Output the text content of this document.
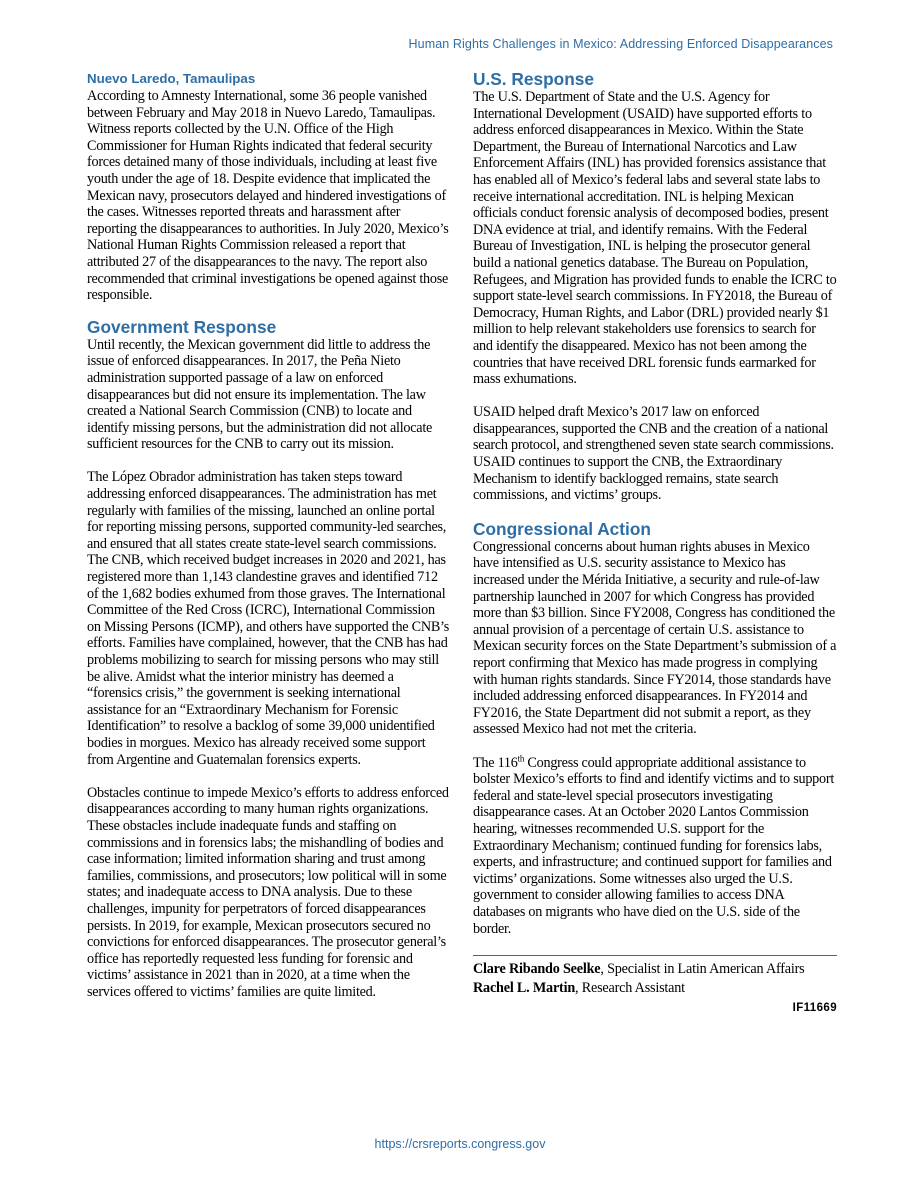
Human Rights Challenges in Mexico: Addressing Enforced Disappearances
Nuevo Laredo, Tamaulipas

According to Amnesty International, some 36 people vanished between February and May 2018 in Nuevo Laredo, Tamaulipas. Witness reports collected by the U.N. Office of the High Commissioner for Human Rights indicated that federal security forces detained many of those individuals, including at least five youth under the age of 18. Despite evidence that implicated the Mexican navy, prosecutors delayed and hindered investigations of the cases. Witnesses reported threats and harassment after reporting the disappearances to authorities. In July 2020, Mexico’s National Human Rights Commission released a report that attributed 27 of the disappearances to the navy. The report also recommended that criminal investigations be opened against those responsible.

Government Response

Until recently, the Mexican government did little to address the issue of enforced disappearances. In 2017, the Peña Nieto administration supported passage of a law on enforced disappearances but did not ensure its implementation. The law created a National Search Commission (CNB) to locate and identify missing persons, but the administration did not allocate sufficient resources for the CNB to carry out its mission.

The López Obrador administration has taken steps toward addressing enforced disappearances. The administration has met regularly with families of the missing, launched an online portal for reporting missing persons, supported community-led searches, and ensured that all states create state-level search commissions. The CNB, which received budget increases in 2020 and 2021, has registered more than 1,143 clandestine graves and identified 712 of the 1,682 bodies exhumed from those graves. The International Committee of the Red Cross (ICRC), International Commission on Missing Persons (ICMP), and others have supported the CNB’s efforts. Families have complained, however, that the CNB has had problems mobilizing to search for missing persons who may still be alive. Amidst what the interior ministry has deemed a “forensics crisis,” the government is seeking international assistance for an “Extraordinary Mechanism for Forensic Identification” to resolve a backlog of some 39,000 unidentified bodies in morgues. Mexico has already received some support from Argentine and Guatemalan forensics experts.

Obstacles continue to impede Mexico’s efforts to address enforced disappearances according to many human rights organizations. These obstacles include inadequate funds and staffing on commissions and in forensics labs; the mishandling of bodies and case information; limited information sharing and trust among families, commissions, and prosecutors; low political will in some states; and inadequate access to DNA analysis. Due to these challenges, impunity for perpetrators of forced disappearances persists. In 2019, for example, Mexican prosecutors secured no convictions for enforced disappearances. The prosecutor general’s office has reportedly requested less funding for forensic and victims’ assistance in 2021 than in 2020, at a time when the services offered to victims’ families are quite limited.

U.S. Response

The U.S. Department of State and the U.S. Agency for International Development (USAID) have supported efforts to address enforced disappearances in Mexico. Within the State Department, the Bureau of International Narcotics and Law Enforcement Affairs (INL) has provided forensics assistance that has enabled all of Mexico’s federal labs and several state labs to receive international accreditation. INL is helping Mexican officials conduct forensic analysis of decomposed bodies, present DNA evidence at trial, and identify remains. With the Federal Bureau of Investigation, INL is helping the prosecutor general build a national genetics database. The Bureau on Population, Refugees, and Migration has provided funds to enable the ICRC to support state-level search commissions. In FY2018, the Bureau of Democracy, Human Rights, and Labor (DRL) provided nearly $1 million to help relevant stakeholders use forensics to search for and identify the disappeared. Mexico has not been among the countries that have received DRL forensic funds earmarked for mass exhumations.

USAID helped draft Mexico’s 2017 law on enforced disappearances, supported the CNB and the creation of a national search protocol, and strengthened seven state search commissions. USAID continues to support the CNB, the Extraordinary Mechanism to identify backlogged remains, state search commissions, and victims’ groups.

Congressional Action

Congressional concerns about human rights abuses in Mexico have intensified as U.S. security assistance to Mexico has increased under the Mérida Initiative, a security and rule-of-law partnership launched in 2007 for which Congress has provided more than $3 billion. Since FY2008, Congress has conditioned the annual provision of a percentage of certain U.S. assistance to Mexican security forces on the State Department’s submission of a report confirming that Mexico has made progress in complying with human rights standards. Since FY2014, those standards have included addressing enforced disappearances. In FY2014 and FY2016, the State Department did not submit a report, as they assessed Mexico had not met the criteria.

The 116th Congress could appropriate additional assistance to bolster Mexico’s efforts to find and identify victims and to support federal and state-level special prosecutors investigating disappearance cases. At an October 2020 Lantos Commission hearing, witnesses recommended U.S. support for the Extraordinary Mechanism; continued funding for forensics labs, experts, and infrastructure; and continued support for families and victims’ organizations. Some witnesses also urged the U.S. government to consider allowing families to access DNA databases on migrants who have died on the U.S. side of the border.

Clare Ribando Seelke, Specialist in Latin American Affairs
Rachel L. Martin, Research Assistant
IF11669
https://crsreports.congress.gov
